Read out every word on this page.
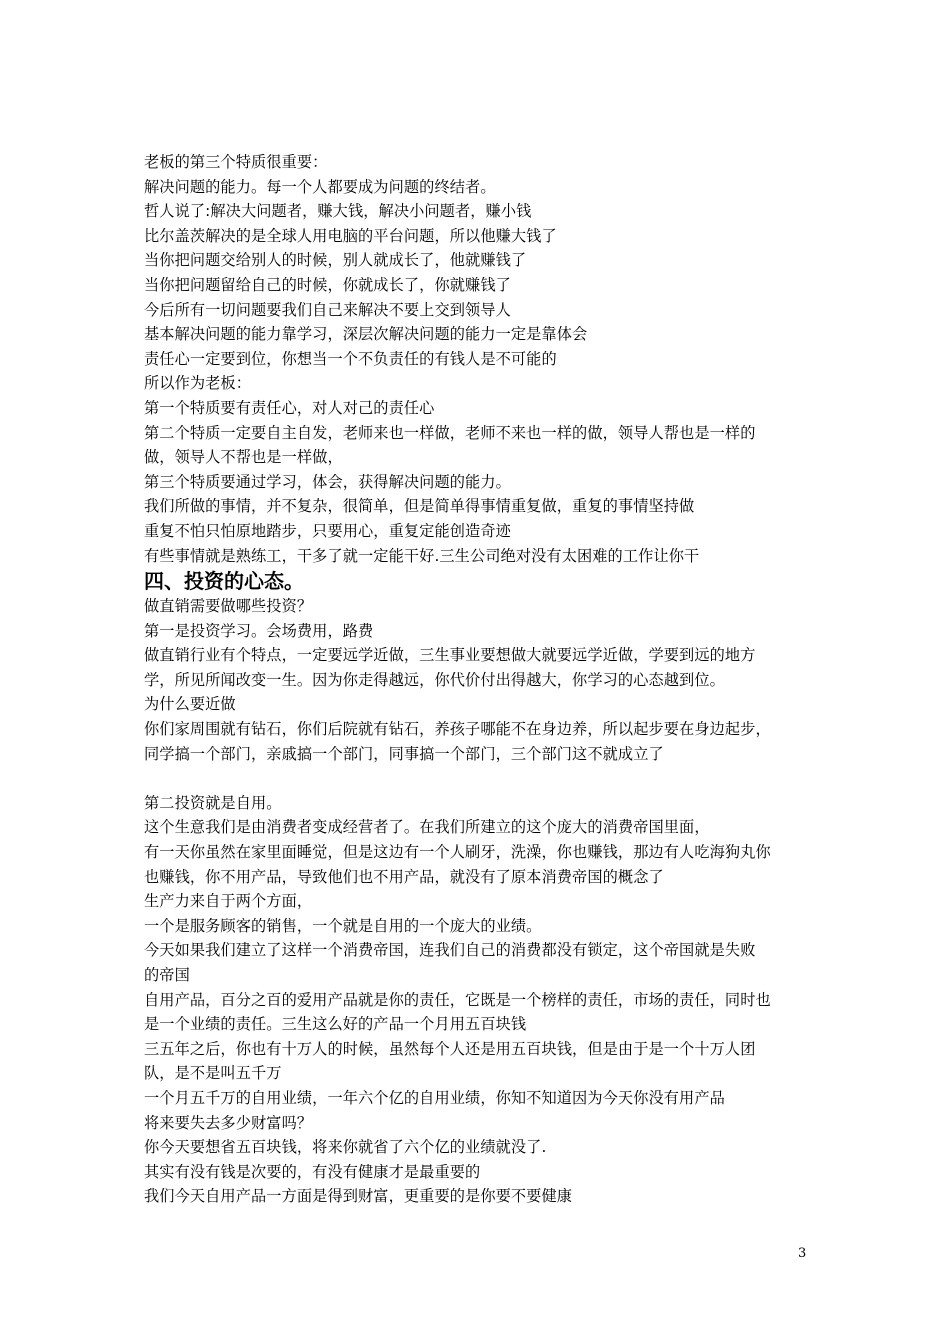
老板的第三个特质很重要：
解决问题的能力。每一个人都要成为问题的终结者。
哲人说了:解决大问题者，赚大钱，解决小问题者，赚小钱
比尔盖茨解决的是全球人用电脑的平台问题，所以他赚大钱了
当你把问题交给别人的时候，别人就成长了，他就赚钱了
当你把问题留给自己的时候，你就成长了，你就赚钱了
今后所有一切问题要我们自己来解决不要上交到领导人
基本解决问题的能力靠学习，深层次解决问题的能力一定是靠体会
责任心一定要到位，你想当一个不负责任的有钱人是不可能的
所以作为老板：
第一个特质要有责任心，对人对己的责任心
第二个特质一定要自主自发，老师来也一样做，老师不来也一样的做，领导人帮也是一样的
做，领导人不帮也是一样做，
第三个特质要通过学习，体会，获得解决问题的能力。
我们所做的事情，并不复杂，很简单，但是简单得事情重复做，重复的事情坚持做
重复不怕只怕原地踏步，只要用心，重复定能创造奇迹
有些事情就是熟练工，干多了就一定能干好.三生公司绝对没有太困难的工作让你干
四、投资的心态。
做直销需要做哪些投资？
第一是投资学习。会场费用，路费
做直销行业有个特点，一定要远学近做，三生事业要想做大就要远学近做，学要到远的地方
学，所见所闻改变一生。因为你走得越远，你代价付出得越大，你学习的心态越到位。
为什么要近做
你们家周围就有钻石，你们后院就有钻石，养孩子哪能不在身边养，所以起步要在身边起步，
同学搞一个部门，亲戚搞一个部门，同事搞一个部门，三个部门这不就成立了
第二投资就是自用。
这个生意我们是由消费者变成经营者了。在我们所建立的这个庞大的消费帝国里面，
有一天你虽然在家里面睡觉，但是这边有一个人刷牙，洗澡，你也赚钱，那边有人吃海狗丸你
也赚钱，你不用产品，导致他们也不用产品，就没有了原本消费帝国的概念了
生产力来自于两个方面，
一个是服务顾客的销售，一个就是自用的一个庞大的业绩。
今天如果我们建立了这样一个消费帝国，连我们自己的消费都没有锁定，这个帝国就是失败
的帝国
自用产品，百分之百的爱用产品就是你的责任，它既是一个榜样的责任，市场的责任，同时也
是一个业绩的责任。三生这么好的产品一个月用五百块钱
三五年之后，你也有十万人的时候，虽然每个人还是用五百块钱，但是由于是一个十万人团
队，是不是叫五千万
一个月五千万的自用业绩，一年六个亿的自用业绩，你知不知道因为今天你没有用产品
将来要失去多少财富吗？
你今天要想省五百块钱，将来你就省了六个亿的业绩就没了.
其实有没有钱是次要的，有没有健康才是最重要的
我们今天自用产品一方面是得到财富，更重要的是你要不要健康
3
